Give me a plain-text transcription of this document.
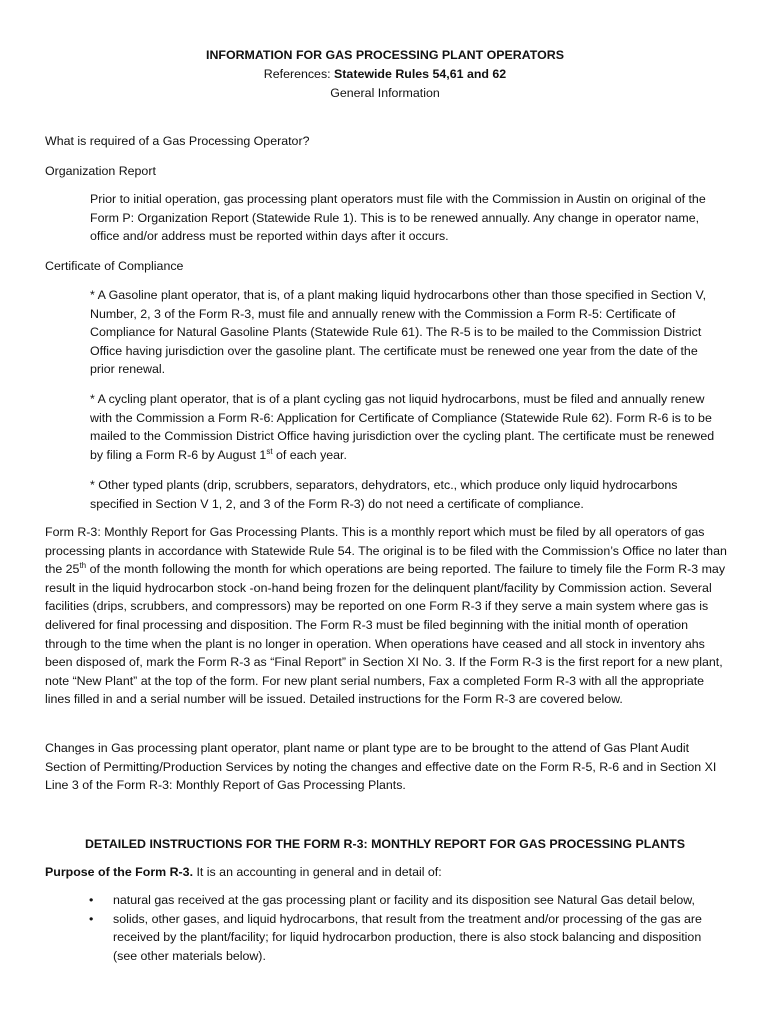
INFORMATION FOR GAS PROCESSING PLANT OPERATORS
References: Statewide Rules 54,61 and 62
General Information
What is required of a Gas Processing Operator?
Organization Report
Prior to initial operation, gas processing plant operators must file with the Commission in Austin on original of the Form P: Organization Report (Statewide Rule 1). This is to be renewed annually. Any change in operator name, office and/or address must be reported within days after it occurs.
Certificate of Compliance
* A Gasoline plant operator, that is, of a plant making liquid hydrocarbons other than those specified in Section V, Number, 2, 3 of the Form R-3, must file and annually renew with the Commission a Form R-5: Certificate of Compliance for Natural Gasoline Plants (Statewide Rule 61). The R-5 is to be mailed to the Commission District Office having jurisdiction over the gasoline plant. The certificate must be renewed one year from the date of the prior renewal.
* A cycling plant operator, that is of a plant cycling gas not liquid hydrocarbons, must be filed and annually renew with the Commission a Form R-6: Application for Certificate of Compliance (Statewide Rule 62). Form R-6 is to be mailed to the Commission District Office having jurisdiction over the cycling plant. The certificate must be renewed by filing a Form R-6 by August 1st of each year.
* Other typed plants (drip, scrubbers, separators, dehydrators, etc., which produce only liquid hydrocarbons specified in Section V 1, 2, and 3 of the Form R-3) do not need a certificate of compliance.
Form R-3: Monthly Report for Gas Processing Plants. This is a monthly report which must be filed by all operators of gas processing plants in accordance with Statewide Rule 54. The original is to be filed with the Commission’s Office no later than the 25th of the month following the month for which operations are being reported. The failure to timely file the Form R-3 may result in the liquid hydrocarbon stock -on-hand being frozen for the delinquent plant/facility by Commission action. Several facilities (drips, scrubbers, and compressors) may be reported on one Form R-3 if they serve a main system where gas is delivered for final processing and disposition. The Form R-3 must be filed beginning with the initial month of operation through to the time when the plant is no longer in operation. When operations have ceased and all stock in inventory ahs been disposed of, mark the Form R-3 as “Final Report” in Section XI No. 3. If the Form R-3 is the first report for a new plant, note “New Plant” at the top of the form. For new plant serial numbers, Fax a completed Form R-3 with all the appropriate lines filled in and a serial number will be issued. Detailed instructions for the Form R-3 are covered below.
Changes in Gas processing plant operator, plant name or plant type are to be brought to the attend of Gas Plant Audit Section of Permitting/Production Services by noting the changes and effective date on the Form R-5, R-6 and in Section XI Line 3 of the Form R-3: Monthly Report of Gas Processing Plants.
DETAILED INSTRUCTIONS FOR THE FORM R-3: MONTHLY REPORT FOR GAS PROCESSING PLANTS
Purpose of the Form R-3. It is an accounting in general and in detail of:
• natural gas received at the gas processing plant or facility and its disposition see Natural Gas detail below,
• solids, other gases, and liquid hydrocarbons, that result from the treatment and/or processing of the gas are received by the plant/facility; for liquid hydrocarbon production, there is also stock balancing and disposition (see other materials below).
